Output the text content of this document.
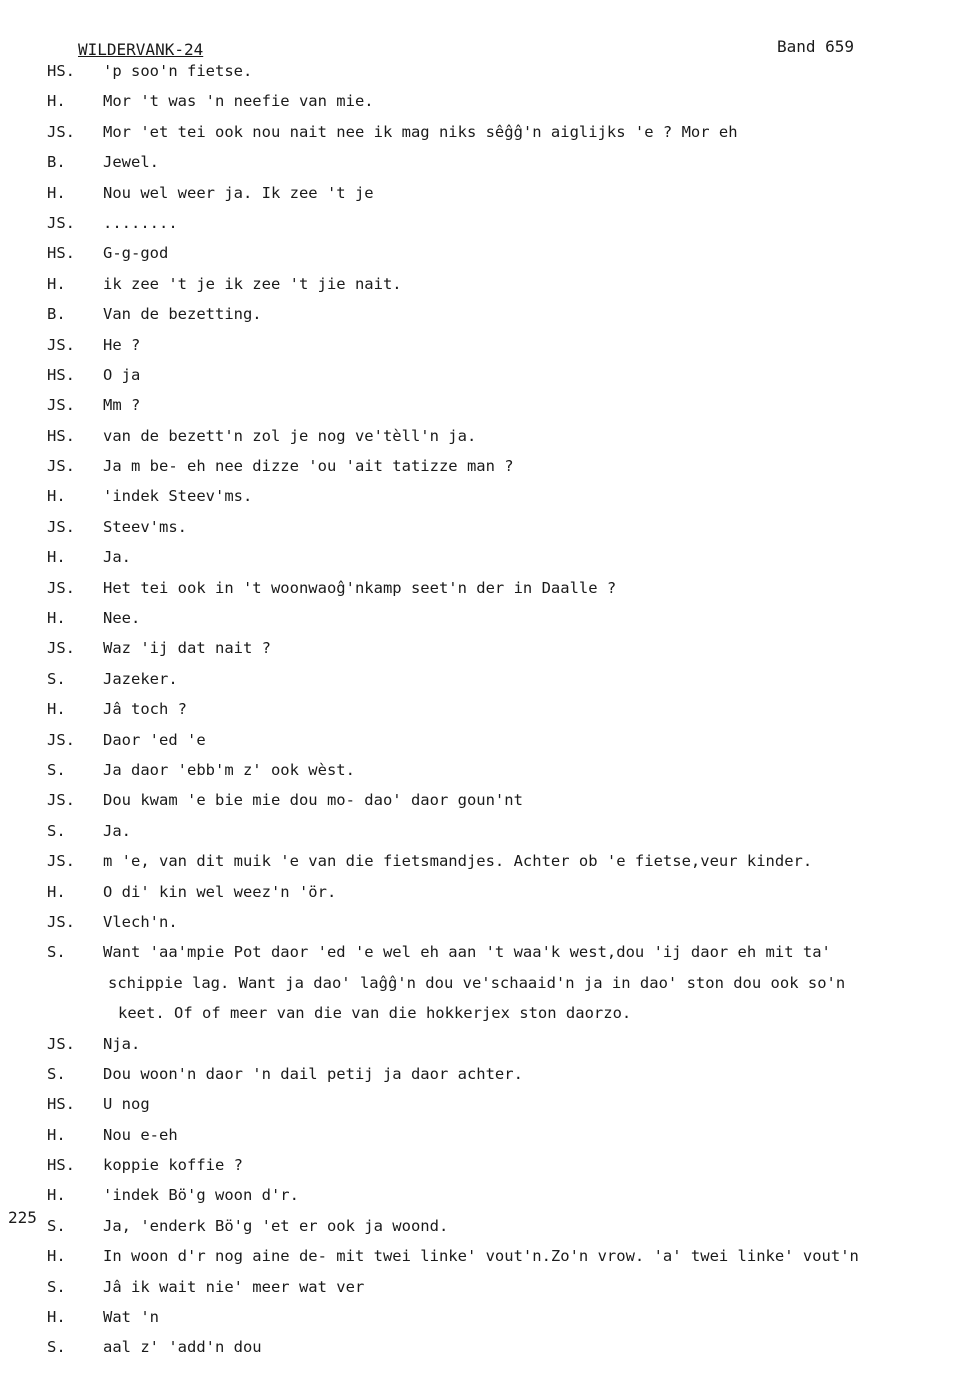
WILDERVANK-24	Band 659
225
HS. 'p soo'n fietse.
H. Mor 't was 'n neefie van mie.
JS. Mor 'et tei ook nou nait nee ik mag niks sêĝĝ'n aiglijks 'e ? Mor eh
B. Jewel.
H. Nou wel weer ja. Ik zee 't je
JS. ........
HS. G-g-god
H. ik zee 't je ik zee 't jie nait.
B. Van de bezetting.
JS. He ?
HS. O ja
JS. Mm ?
HS. van de bezett'n zol je nog ve'tèll'n ja.
JS. Ja m be- eh nee dizze 'ou 'ait tatizze man ?
H. 'indek Steev'ms.
JS. Steev'ms.
H. Ja.
JS. Het tei ook in 't woonwaoĝ'nkamp seet'n der in Daalle ?
H. Nee.
JS. Waz 'ij dat nait ?
S. Jazeker.
H. Jâ toch ?
JS. Daor 'ed 'e
S. Ja daor 'ebb'm z' ook wèst.
JS. Dou kwam 'e bie mie dou mo- dao' daor goun'nt
S. Ja.
JS. m 'e, van dit muik 'e van die fietsmandjes. Achter ob 'e fietse,veur kinder.
H. O di' kin wel weez'n 'ör.
JS. Vlech'n.
S. Want 'aa'mpie Pot daor 'ed 'e wel eh aan 't waa'k west,dou 'ij daor eh mit ta'
schippie lag. Want ja dao' laĝĝ'n dou ve'schaaid'n ja in dao' ston dou ook so'n
keet. Of of meer van die van die hokkerjex ston daorzo.
JS. Nja.
S. Dou woon'n daor 'n dail petij ja daor achter.
HS. U nog
H. Nou e-eh
HS. koppie koffie ?
H. 'indek Bö'g woon d'r.
S. Ja, 'enderk Bö'g 'et er ook ja woond.
H. In woon d'r nog aine de- mit twei linke' vout'n.Zo'n vrow. 'a' twei linke' vout'n
S. Jâ ik wait nie' meer wat ver
H. Wat 'n
S. aal z' 'add'n dou
